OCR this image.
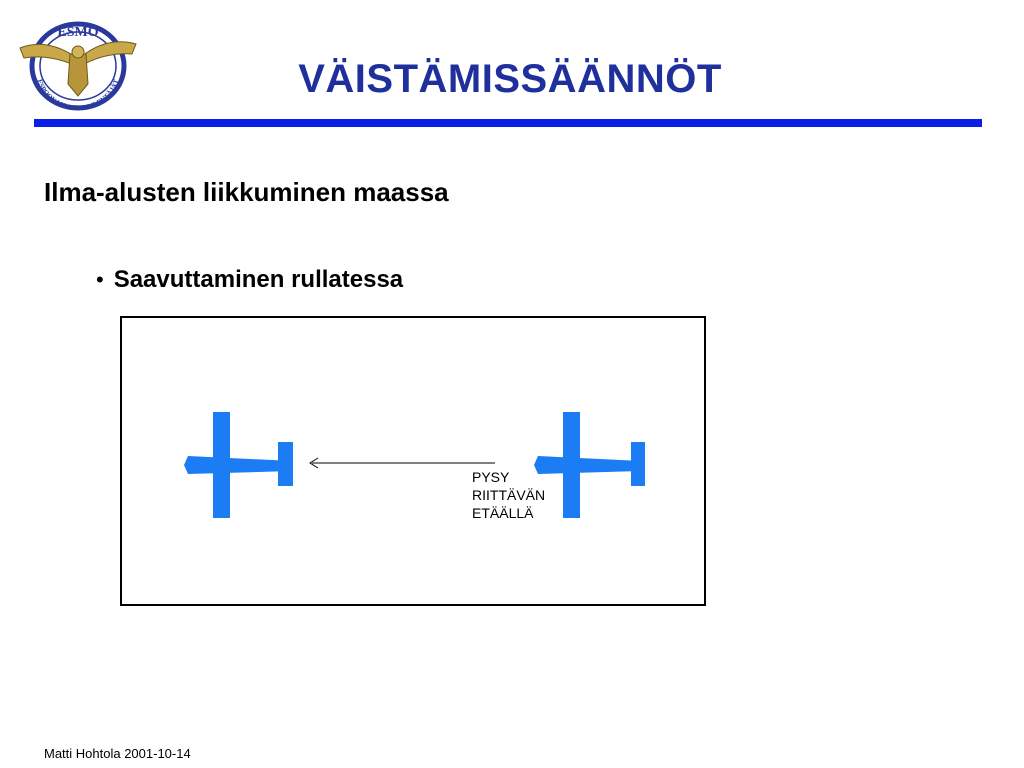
ESMO
ESPOON MOOTTORILENTÄJÄT	VÄISTÄMISSÄÄNNÖT
Ilma-alusten liikkuminen maassa
• Saavuttaminen rullatessa
PYSY
RIITTÄVÄN
ETÄÄLLÄ
Matti Hohtola 2001-10-14
